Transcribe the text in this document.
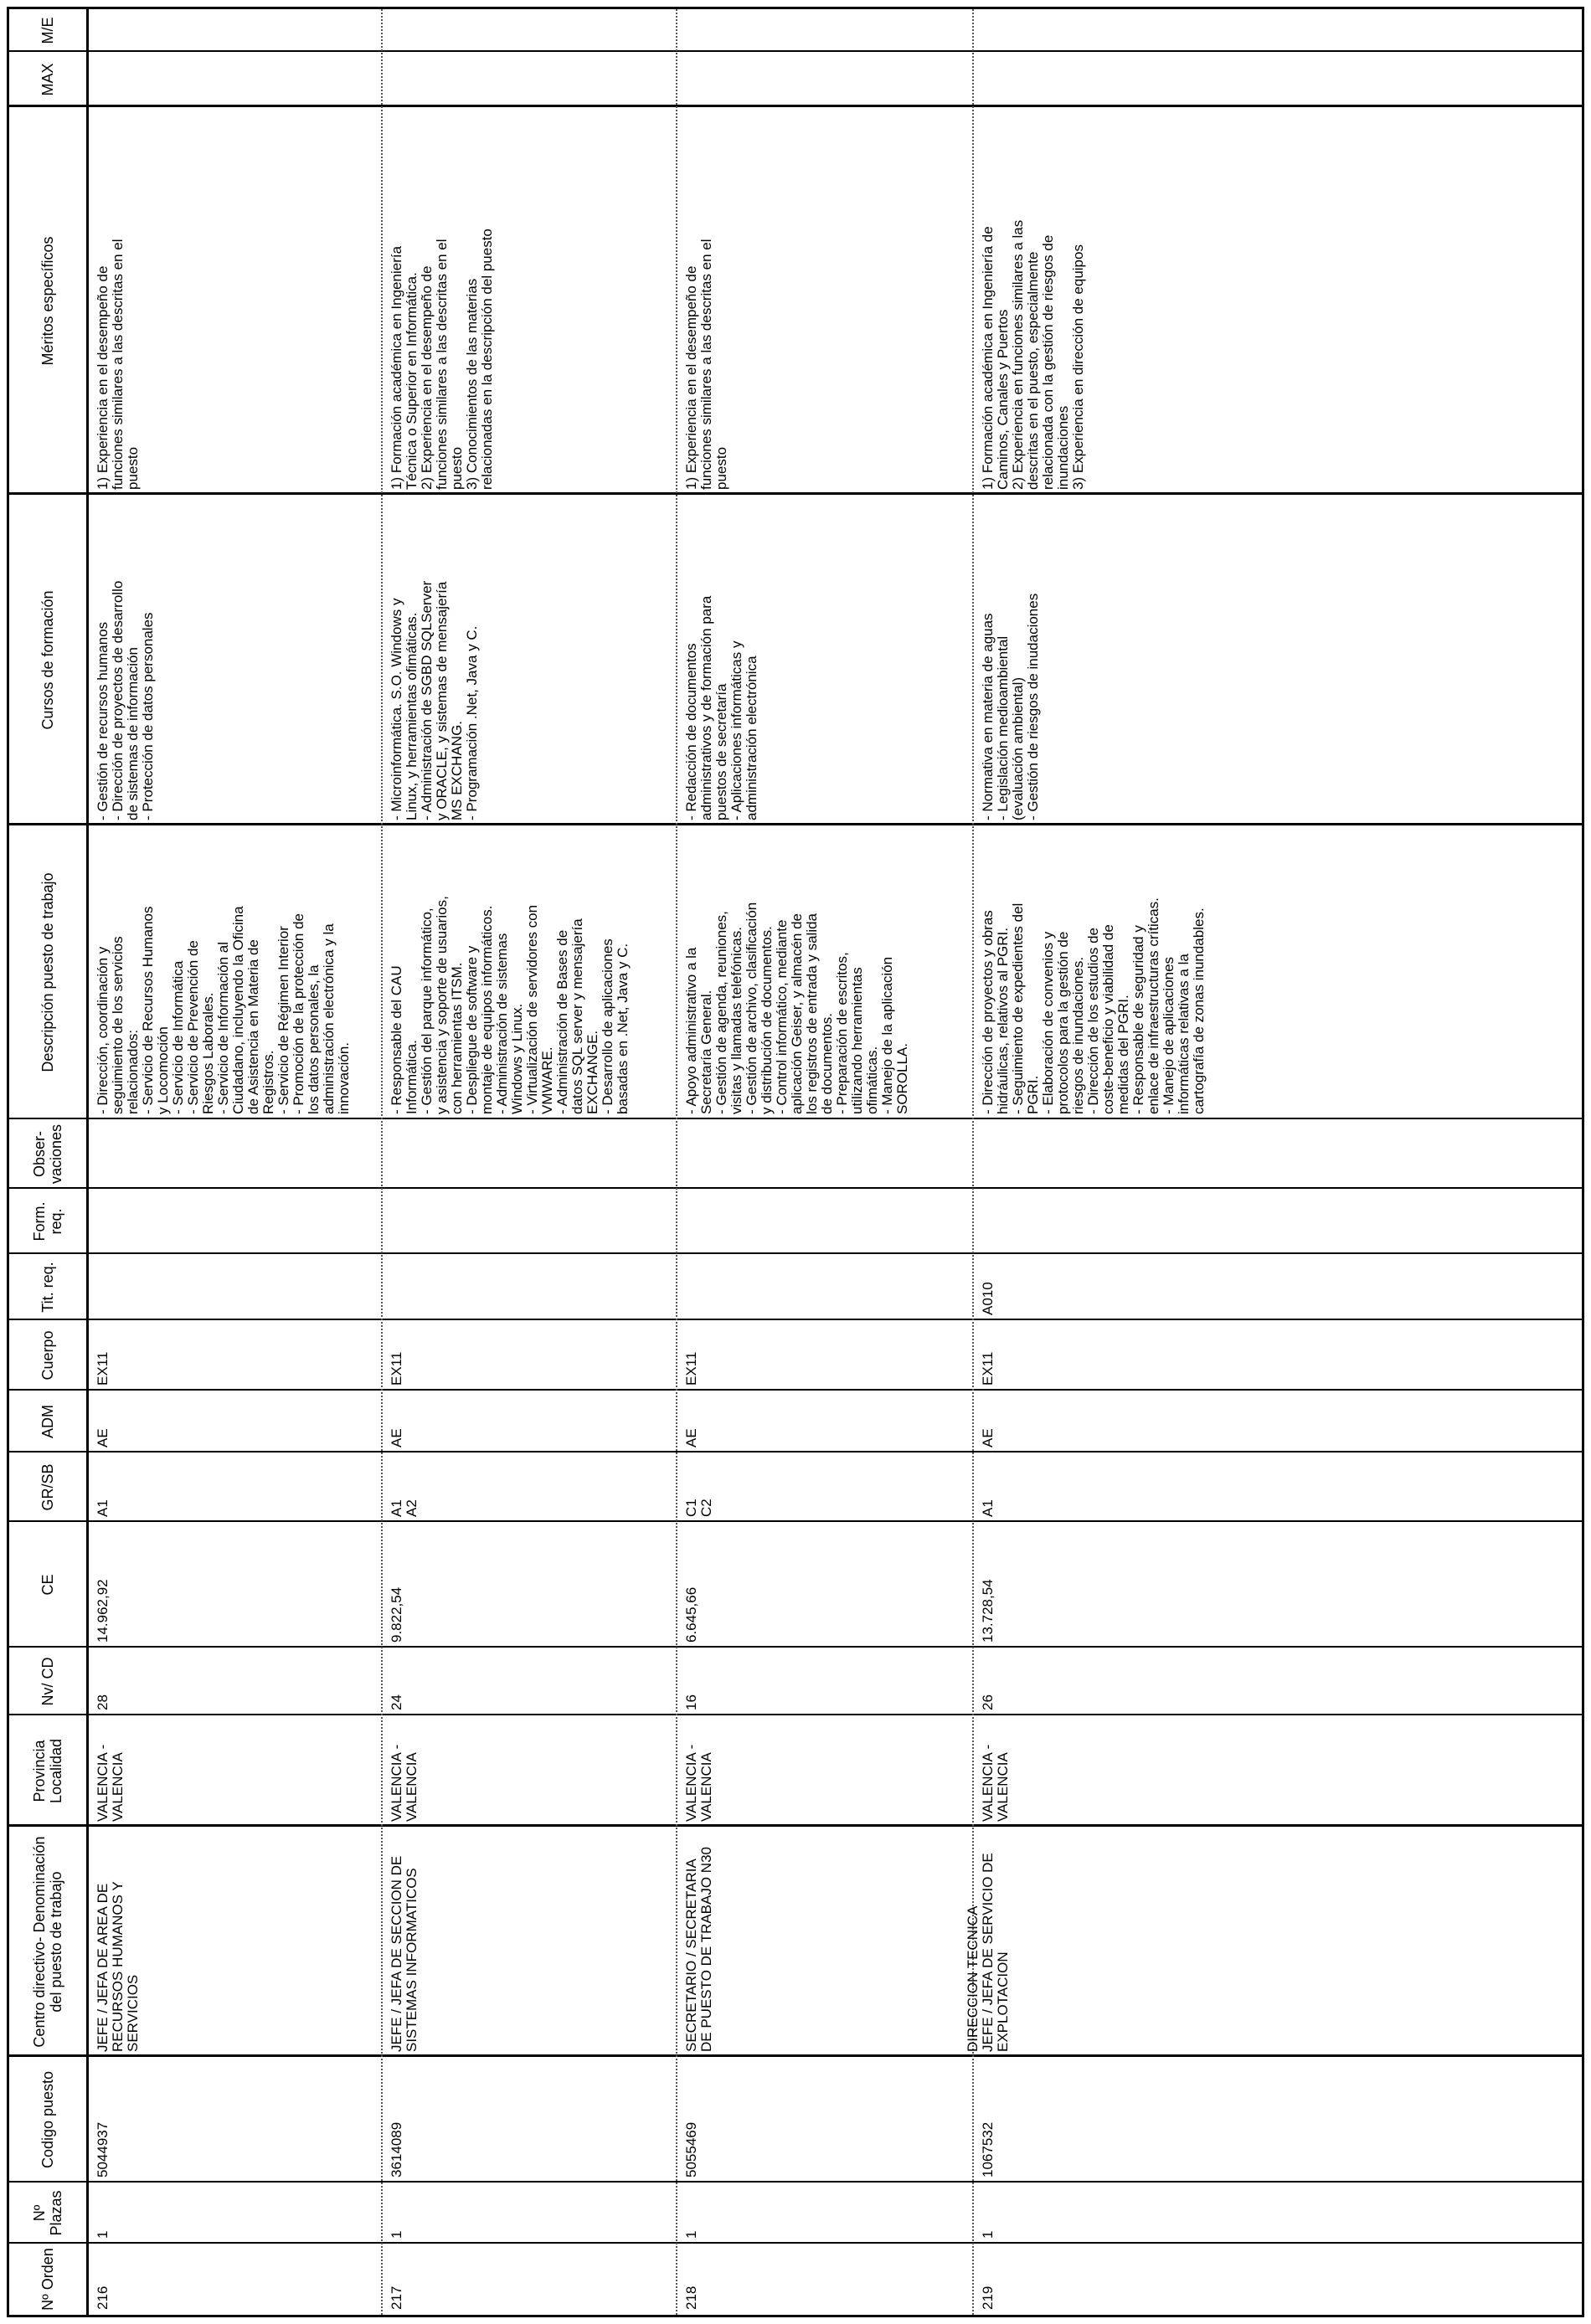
Nº Orden
Nº Plazas
Codigo puesto
Centro directivo- Denominación del puesto de trabajo
Provincia Localidad
Nv/ CD
CE
GR/SB
ADM
Cuerpo
Tit. req.
Form. req.
Obser- vaciones
Descripción puesto de trabajo
Cursos de formación
Méritos específicos
MAX
M/E
216
1
5044937
JEFE / JEFA DE AREA DE
RECURSOS HUMANOS Y
SERVICIOS
VALENCIA -
VALENCIA
28
14.962,92
A1
AE
EX11
- Dirección, coordinación y
seguimiento de los servicios
relacionados:
- Servicio de Recursos Humanos
y Locomoción
- Servicio de Informática
- Servicio de Prevención de
Riesgos Laborales.
- Servicio de Información al
Ciudadano, incluyendo la Oficina
de Asistencia en Materia de
Registros.
- Servicio de Régimen Interior
- Promoción de la protección de
los datos personales, la
administración electrónica y la
innovación.
- Gestión de recursos humanos
- Dirección de proyectos de desarrollo
de sistemas de información
- Protección de datos personales
1) Experiencia en el desempeño de
funciones similares a las descritas en el
puesto
217
1
3614089
JEFE / JEFA DE SECCION DE
SISTEMAS INFORMATICOS
VALENCIA -
VALENCIA
24
9.822,54
A1
A2
AE
EX11
- Responsable del CAU
Informática.
- Gestión del parque informático,
y asistencia y soporte de usuarios,
con herramientas ITSM.
- Despliegue de software y
montaje de equipos informáticos.
- Administración de sistemas
Windows y Linux.
- Virtualización de servidores con
VMWARE.
- Administración de Bases de
datos SQL server y mensajería
EXCHANGE.
- Desarrollo de aplicaciones
basadas en .Net, Java y C.
- Microinformática. S.O. Windows y
Linux, y herramientas ofimáticas.
- Administración de SGBD SQLServer
y ORACLE, y sistemas de mensajería
MS EXCHANG.
- Programación .Net, Java y C.
1) Formación académica en Ingeniería
Técnica o Superior en Informática.
2) Experiencia en el desempeño de
funciones similares a las descritas en el
puesto
3) Conocimientos de las materias
relacionadas en la descripción del puesto
218
1
5055469
SECRETARIO / SECRETARIA
DE PUESTO DE TRABAJO N30
VALENCIA -
VALENCIA
16
6.645,66
C1
C2
AE
EX11
- Apoyo administrativo a la
Secretaría General.
- Gestión de agenda, reuniones,
visitas y llamadas telefónicas.
- Gestión de archivo, clasificación
y distribución de documentos.
- Control informático, mediante
aplicación Geiser, y almacén de
los registros de entrada y salida
de documentos.
- Preparación de escritos,
utilizando herramientas
ofimáticas.
- Manejo de la aplicación
SOROLLA.
- Redacción de documentos
administrativos y de formación para
puestos de secretaría
- Aplicaciones informáticas y
administración electrónica
1) Experiencia en el desempeño de
funciones similares a las descritas en el
puesto
219
1
1067532
DIRECCION TECNICA JEFE / JEFA DE SERVICIO DE
EXPLOTACION
VALENCIA -
VALENCIA
26
13.728,54
A1
AE
EX11
A010
- Dirección de proyectos y obras
hidráulicas, relativos al PGRI.
- Seguimiento de expedientes del
PGRI.
- Elaboración de convenios y
protocolos para la gestión de
riesgos de inundaciones.
- Dirección de los estudios de
coste-beneficio y viabilidad de
medidas del PGRI.
- Responsable de seguridad y
enlace de infraestructuras críticas.
- Manejo de aplicaciones
informáticas relativas a la
cartografía de zonas inundables.
- Normativa en materia de aguas
- Legislación medioambiental
(evaluación ambiental)
- Gestión de riesgos de inudaciones
1) Formación académica en Ingeniería de
Caminos, Canales y Puertos
2) Experiencia en funciones similares a las
descritas en el puesto, especialmente
relacionada con la gestión de riesgos de
inundaciones
3) Experiencia en dirección de equipos
